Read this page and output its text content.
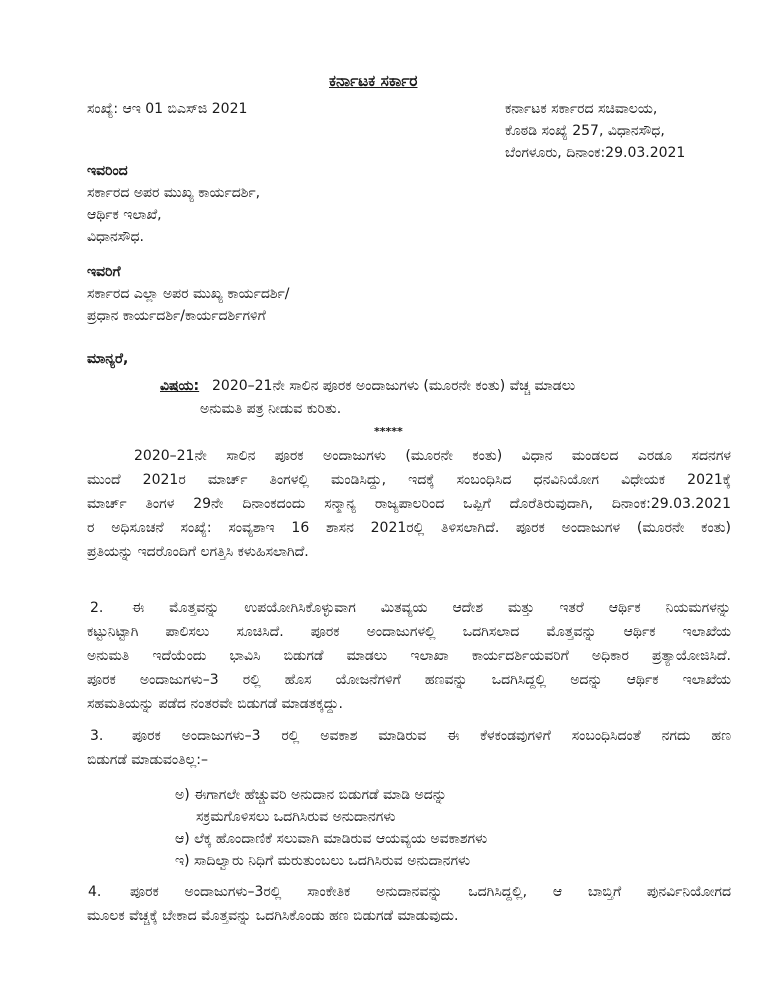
ಕರ್ನಾಟಕ ಸರ್ಕಾರ
ಸಂಖ್ಯೆ: ಆಇ 01 ಬಿಎಸ್‌ಜಿ 2021	ಕರ್ನಾಟಕ ಸರ್ಕಾರದ ಸಚಿವಾಲಯ,
ಕೊಠಡಿ ಸಂಖ್ಯೆ 257, ವಿಧಾನಸೌಧ,
ಬೆಂಗಳೂರು, ದಿನಾಂಕ:29.03.2021
ಇವರಿಂದ
ಸರ್ಕಾರದ ಅಪರ ಮುಖ್ಯ ಕಾರ್ಯದರ್ಶಿ,
ಆರ್ಥಿಕ ಇಲಾಖೆ,
ವಿಧಾನಸೌಧ.
ಇವರಿಗೆ
ಸರ್ಕಾರದ ಎಲ್ಲಾ ಅಪರ ಮುಖ್ಯ ಕಾರ್ಯದರ್ಶಿ/
ಪ್ರಧಾನ ಕಾರ್ಯದರ್ಶಿ/ಕಾರ್ಯದರ್ಶಿಗಳಿಗೆ
ಮಾನ್ಯರೆ,
ವಿಷಯ: 2020–21ನೇ ಸಾಲಿನ ಪೂರಕ ಅಂದಾಜುಗಳು (ಮೂರನೇ ಕಂತು) ವೆಚ್ಚ ಮಾಡಲು
ಅನುಮತಿ ಪತ್ರ ನೀಡುವ ಕುರಿತು.
*****
2020–21ನೇ ಸಾಲಿನ ಪೂರಕ ಅಂದಾಜುಗಳು (ಮೂರನೇ ಕಂತು) ವಿಧಾನ ಮಂಡಲದ ಎರಡೂ ಸದನಗಳ
ಮುಂದೆ 2021ರ ಮಾರ್ಚ್ ತಿಂಗಳಲ್ಲಿ ಮಂಡಿಸಿದ್ದು, ಇದಕ್ಕೆ ಸಂಬಂಧಿಸಿದ ಧನವಿನಿಯೋಗ ವಿಧೇಯಕ 2021ಕ್ಕೆ
ಮಾರ್ಚ್ ತಿಂಗಳ 29ನೇ ದಿನಾಂಕದಂದು ಸನ್ಮಾನ್ಯ ರಾಜ್ಯಪಾಲರಿಂದ ಒಪ್ಪಿಗೆ ದೊರೆತಿರುವುದಾಗಿ, ದಿನಾಂಕ:29.03.2021
ರ ಅಧಿಸೂಚನೆ ಸಂಖ್ಯೆ: ಸಂವ್ಯಶಾಇ 16 ಶಾಸನ 2021ರಲ್ಲಿ ತಿಳಿಸಲಾಗಿದೆ. ಪೂರಕ ಅಂದಾಜುಗಳ (ಮೂರನೇ ಕಂತು)
ಪ್ರತಿಯನ್ನು ಇದರೊಂದಿಗೆ ಲಗತ್ತಿಸಿ ಕಳುಹಿಸಲಾಗಿದೆ.
2. ಈ ಮೊತ್ತವನ್ನು ಉಪಯೋಗಿಸಿಕೊಳ್ಳುವಾಗ ಮಿತವ್ಯಯ ಆದೇಶ ಮತ್ತು ಇತರೆ ಆರ್ಥಿಕ ನಿಯಮಗಳನ್ನು
ಕಟ್ಟುನಿಟ್ಟಾಗಿ ಪಾಲಿಸಲು ಸೂಚಿಸಿದೆ. ಪೂರಕ ಅಂದಾಜುಗಳಲ್ಲಿ ಒದಗಿಸಲಾದ ಮೊತ್ತವನ್ನು ಆರ್ಥಿಕ ಇಲಾಖೆಯ
ಅನುಮತಿ ಇದೆಯೆಂದು ಭಾವಿಸಿ ಬಿಡುಗಡೆ ಮಾಡಲು ಇಲಾಖಾ ಕಾರ್ಯದರ್ಶಿಯವರಿಗೆ ಅಧಿಕಾರ ಪ್ರತ್ಯಾಯೋಜಿಸಿದೆ.
ಪೂರಕ ಅಂದಾಜುಗಳು–3 ರಲ್ಲಿ ಹೊಸ ಯೋಜನೆಗಳಿಗೆ ಹಣವನ್ನು ಒದಗಿಸಿದ್ದಲ್ಲಿ ಅದನ್ನು ಆರ್ಥಿಕ ಇಲಾಖೆಯ
ಸಹಮತಿಯನ್ನು ಪಡೆದ ನಂತರವೇ ಬಿಡುಗಡೆ ಮಾಡತಕ್ಕದ್ದು.
3. ಪೂರಕ ಅಂದಾಜುಗಳು–3 ರಲ್ಲಿ ಅವಕಾಶ ಮಾಡಿರುವ ಈ ಕೆಳಕಂಡವುಗಳಿಗೆ ಸಂಬಂಧಿಸಿದಂತೆ ನಗದು ಹಣ
ಬಿಡುಗಡೆ ಮಾಡುವಂತಿಲ್ಲ:–
ಅ) ಈಗಾಗಲೇ ಹೆಚ್ಚುವರಿ ಅನುದಾನ ಬಿಡುಗಡೆ ಮಾಡಿ ಅದನ್ನು
ಸಕ್ರಮಗೊಳಿಸಲು ಒದಗಿಸಿರುವ ಅನುದಾನಗಳು
ಆ) ಲೆಕ್ಕ ಹೊಂದಾಣಿಕೆ ಸಲುವಾಗಿ ಮಾಡಿರುವ ಆಯವ್ಯಯ ಅವಕಾಶಗಳು
ಇ) ಸಾದಿಲ್ವಾರು ನಿಧಿಗೆ ಮರುತುಂಬಲು ಒದಗಿಸಿರುವ ಅನುದಾನಗಳು
4. ಪೂರಕ ಅಂದಾಜುಗಳು–3ರಲ್ಲಿ ಸಾಂಕೇತಿಕ ಅನುದಾನವನ್ನು ಒದಗಿಸಿದ್ದಲ್ಲಿ, ಆ ಬಾಬ್ತಿಗೆ ಪುನರ್ವಿನಿಯೋಗದ
ಮೂಲಕ ವೆಚ್ಚಕ್ಕೆ ಬೇಕಾದ ಮೊತ್ತವನ್ನು ಒದಗಿಸಿಕೊಂಡು ಹಣ ಬಿಡುಗಡೆ ಮಾಡುವುದು.
